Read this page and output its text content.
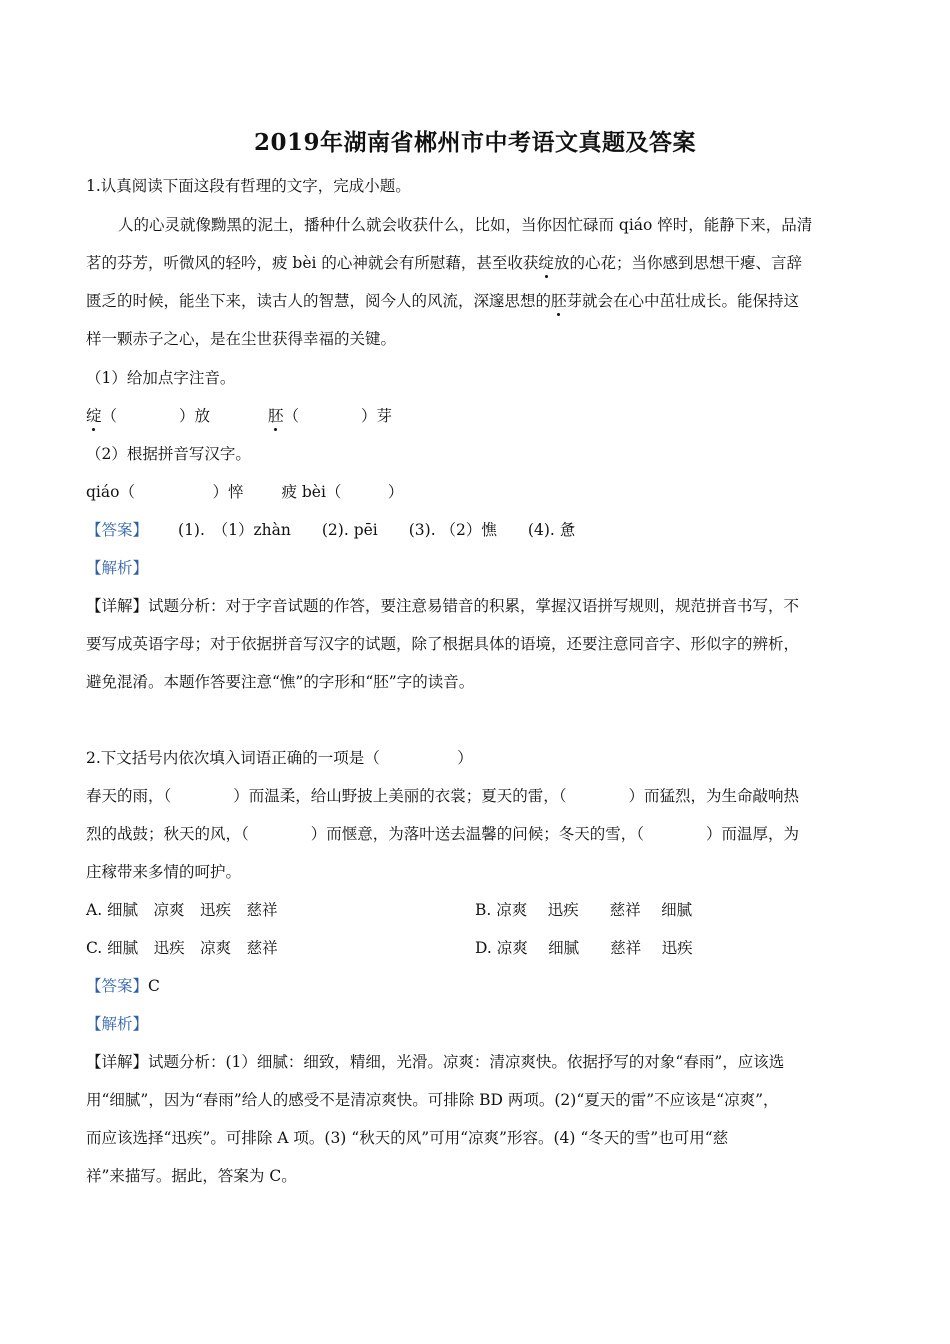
2019年湖南省郴州市中考语文真题及答案
1.认真阅读下面这段有哲理的文字，完成小题。
人的心灵就像黝黑的泥土，播种什么就会收获什么，比如，当你因忙碌而 qiáo 悴时，能静下来，品清
茗的芬芳，听微风的轻吟，疲 bèi 的心神就会有所慰藉，甚至收获绽放的心花；当你感到思想干瘪、言辞
匮乏的时候，能坐下来，读古人的智慧，阅今人的风流，深邃思想的胚芽就会在心中茁壮成长。能保持这
样一颗赤子之心，是在尘世获得幸福的关键。
（1）给加点字注音。
绽（　　　　）放	胚（　　　　）芽
（2）根据拼音写汉字。
qiáo（　　　　　）悴 疲 bèi（　　　）
【答案】 (1).　（1）zhàn　　(2). pēi　　(3). （2）憔　　(4). 惫
【解析】
【详解】试题分析：对于字音试题的作答，要注意易错音的积累，掌握汉语拼写规则，规范拼音书写，不
要写成英语字母；对于依据拼音写汉字的试题，除了根据具体的语境，还要注意同音字、形似字的辨析，
避免混淆。本题作答要注意“憔”的字形和“胚”字的读音。
2.下文括号内依次填入词语正确的一项是（　　　　　）
春天的雨，（　　　　）而温柔，给山野披上美丽的衣裳；夏天的雷，（　　　　）而猛烈，为生命敲响热
烈的战鼓；秋天的风，（　　　　）而惬意，为落叶送去温馨的问候；冬天的雪，（　　　　）而温厚，为
庄稼带来多情的呵护。
A. 细腻　凉爽　迅疾　慈祥	B. 凉爽　 迅疾　　慈祥　 细腻
C. 细腻　迅疾　凉爽　慈祥	D. 凉爽　 细腻　　慈祥　 迅疾
【答案】C
【解析】
【详解】试题分析：(1）细腻：细致，精细，光滑。凉爽：清凉爽快。依据抒写的对象“春雨”，应该选
用“细腻”，因为“春雨”给人的感受不是清凉爽快。可排除 BD 两项。(2)“夏天的雷”不应该是“凉爽”，
而应该选择“迅疾”。可排除 A 项。(3) “秋天的风”可用“凉爽”形容。(4) “冬天的雪”也可用“慈
祥”来描写。据此，答案为 C。
